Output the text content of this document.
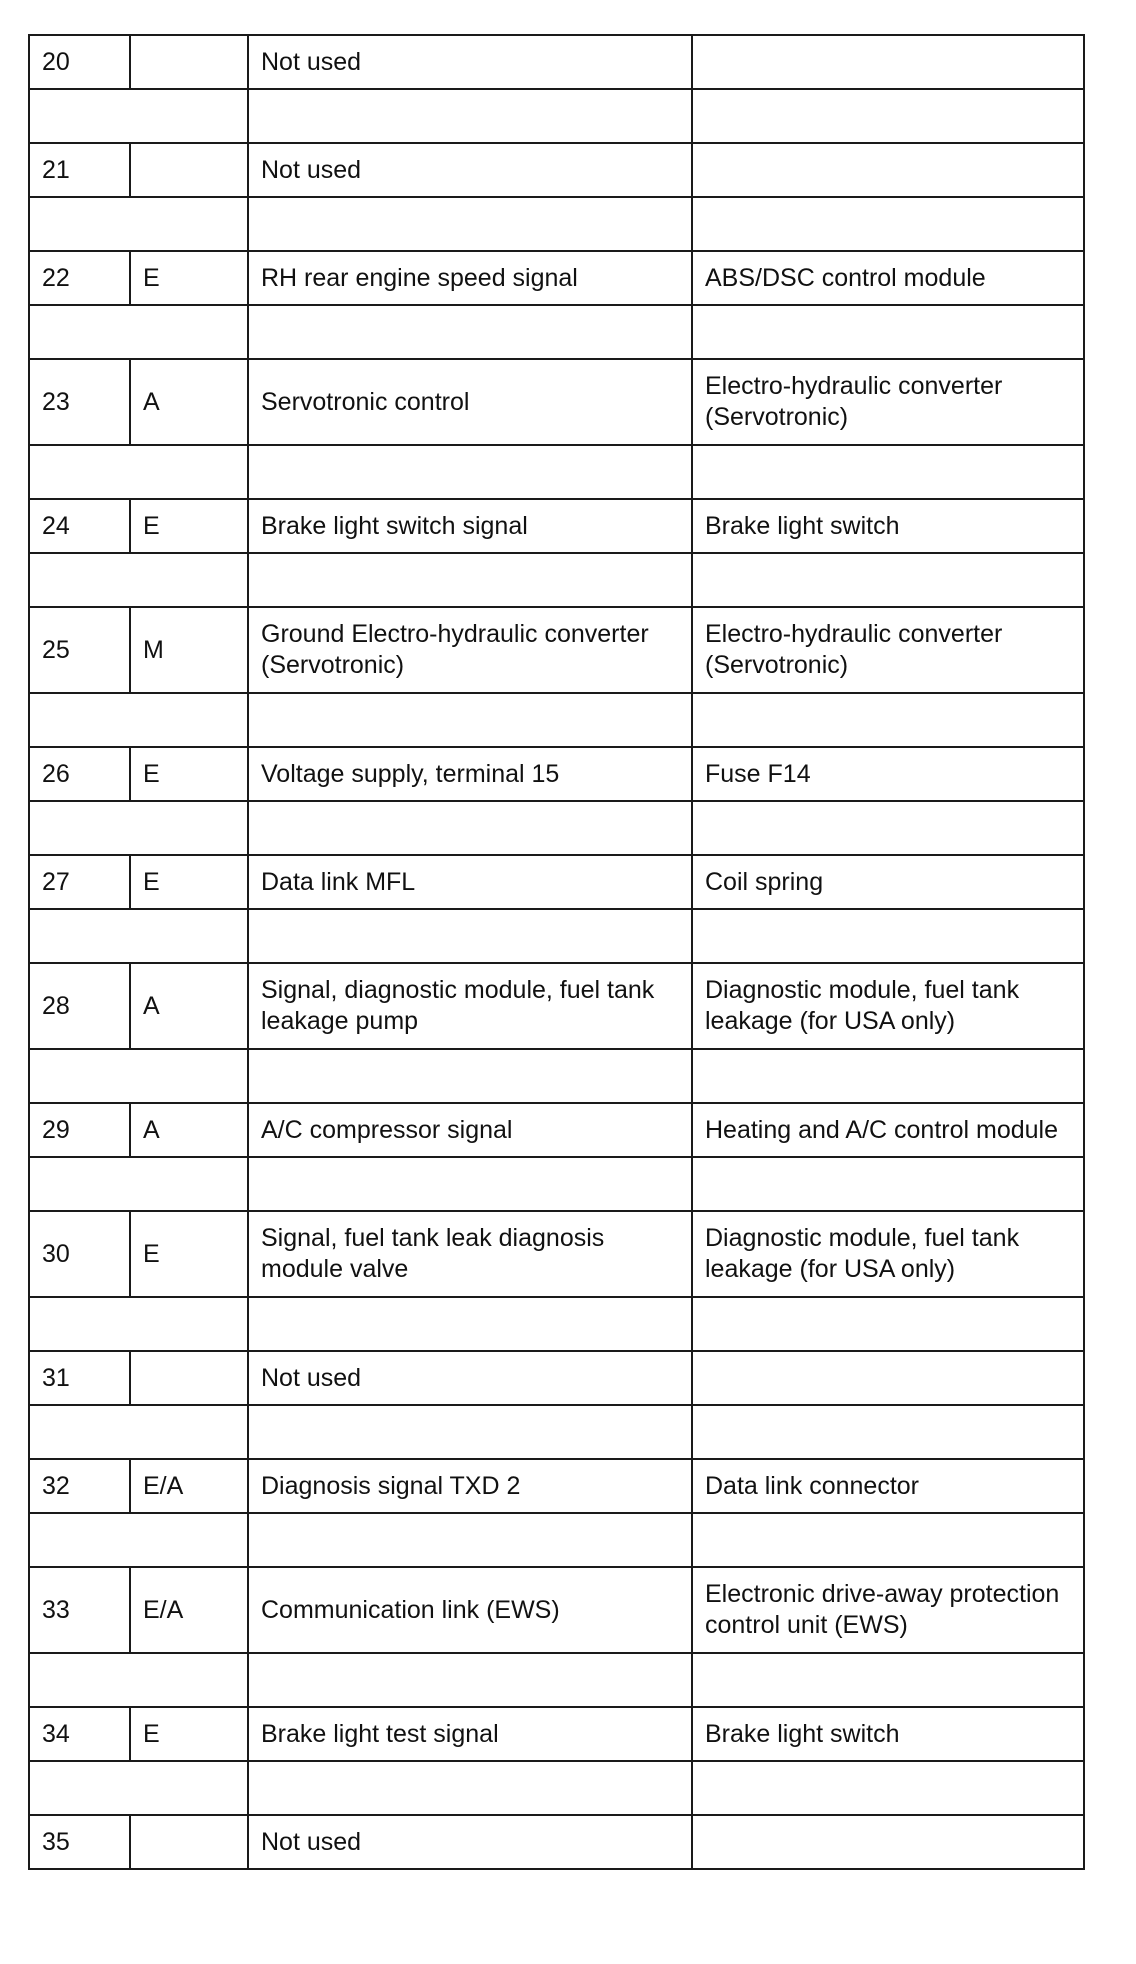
20		Not used	

21		Not used	

22	E	RH rear engine speed signal	ABS/DSC control module

23	A	Servotronic control	Electro-hydraulic converter (Servotronic)

24	E	Brake light switch signal	Brake light switch

25	M	Ground Electro-hydraulic converter (Servotronic)	Electro-hydraulic converter (Servotronic)

26	E	Voltage supply, terminal 15	Fuse F14

27	E	Data link MFL	Coil spring

28	A	Signal, diagnostic module, fuel tank leakage pump	Diagnostic module, fuel tank leakage (for USA only)

29	A	A/C compressor signal	Heating and A/C control module

30	E	Signal, fuel tank leak diagnosis module valve	Diagnostic module, fuel tank leakage (for USA only)

31		Not used	

32	E/A	Diagnosis signal TXD 2	Data link connector

33	E/A	Communication link (EWS)	Electronic drive-away protection control unit (EWS)

34	E	Brake light test signal	Brake light switch

35		Not used	
